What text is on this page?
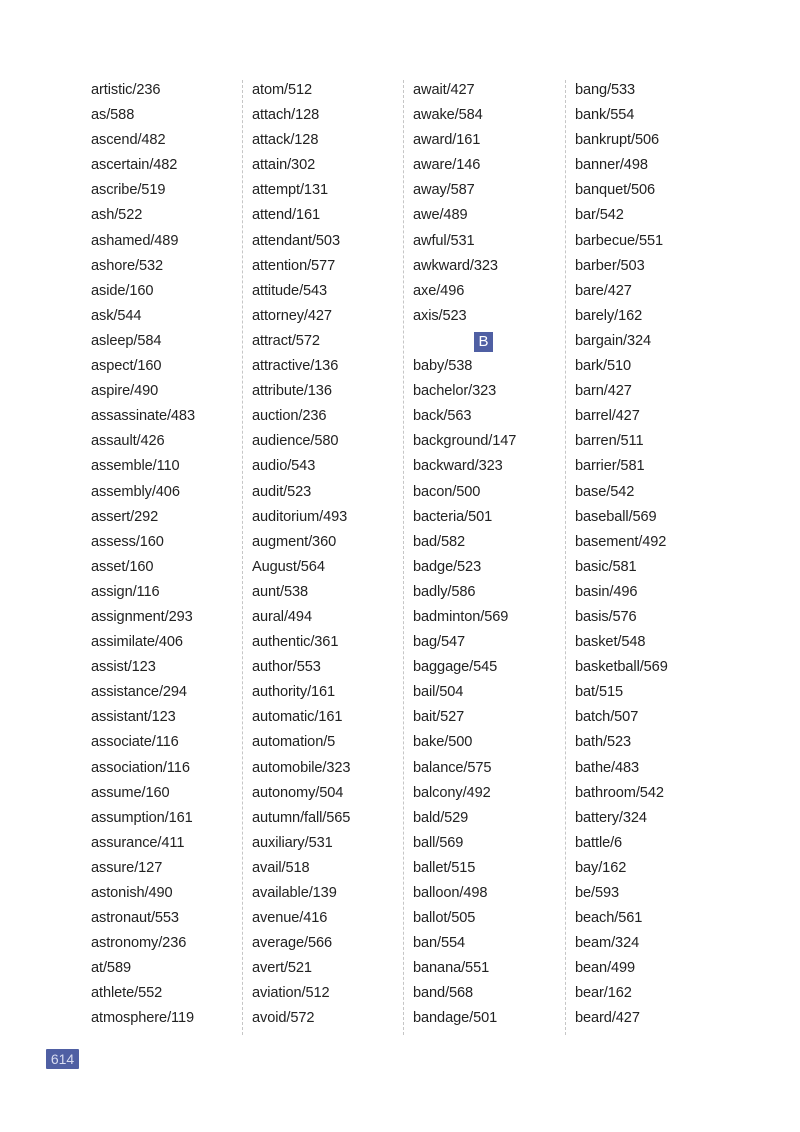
artistic/236
as/588
ascend/482
ascertain/482
ascribe/519
ash/522
ashamed/489
ashore/532
aside/160
ask/544
asleep/584
aspect/160
aspire/490
assassinate/483
assault/426
assemble/110
assembly/406
assert/292
assess/160
asset/160
assign/116
assignment/293
assimilate/406
assist/123
assistance/294
assistant/123
associate/116
association/116
assume/160
assumption/161
assurance/411
assure/127
astonish/490
astronaut/553
astronomy/236
at/589
athlete/552
atmosphere/119
atom/512
attach/128
attack/128
attain/302
attempt/131
attend/161
attendant/503
attention/577
attitude/543
attorney/427
attract/572
attractive/136
attribute/136
auction/236
audience/580
audio/543
audit/523
auditorium/493
augment/360
August/564
aunt/538
aural/494
authentic/361
author/553
authority/161
automatic/161
automation/5
automobile/323
autonomy/504
autumn/fall/565
auxiliary/531
avail/518
available/139
avenue/416
average/566
avert/521
aviation/512
avoid/572
await/427
awake/584
award/161
aware/146
away/587
awe/489
awful/531
awkward/323
axe/496
axis/523
B
baby/538
bachelor/323
back/563
background/147
backward/323
bacon/500
bacteria/501
bad/582
badge/523
badly/586
badminton/569
bag/547
baggage/545
bail/504
bait/527
bake/500
balance/575
balcony/492
bald/529
ball/569
ballet/515
balloon/498
ballot/505
ban/554
banana/551
band/568
bandage/501
bang/533
bank/554
bankrupt/506
banner/498
banquet/506
bar/542
barbecue/551
barber/503
bare/427
barely/162
bargain/324
bark/510
barn/427
barrel/427
barren/511
barrier/581
base/542
baseball/569
basement/492
basic/581
basin/496
basis/576
basket/548
basketball/569
bat/515
batch/507
bath/523
bathe/483
bathroom/542
battery/324
battle/6
bay/162
be/593
beach/561
beam/324
bean/499
bear/162
beard/427
614
